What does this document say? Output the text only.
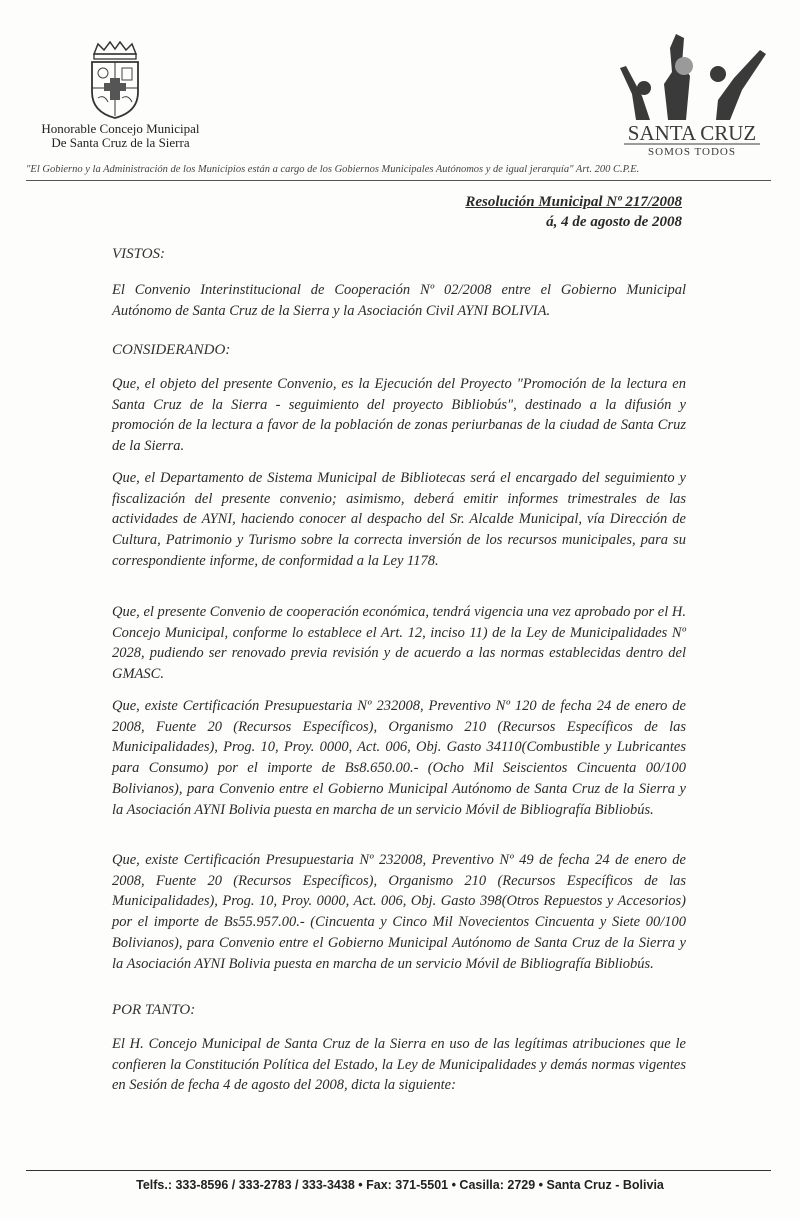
Honorable Concejo Municipal
De Santa Cruz de la Sierra	SANTA CRUZ
SOMOS TODOS
"El Gobierno y la Administración de los Municipios están a cargo de los Gobiernos Municipales Autónomos y de igual jerarquía" Art. 200 C.P.E.
Resolución Municipal Nº 217/2008
á, 4 de agosto de 2008
VISTOS:
El Convenio Interinstitucional de Cooperación Nº 02/2008 entre el Gobierno Municipal Autónomo de Santa Cruz de la Sierra y la Asociación Civil AYNI BOLIVIA.
CONSIDERANDO:
Que, el objeto del presente Convenio, es la Ejecución del Proyecto "Promoción de la lectura en Santa Cruz de la Sierra - seguimiento del proyecto Bibliobús", destinado a la difusión y promoción de la lectura a favor de la población de zonas periurbanas de la ciudad de Santa Cruz de la Sierra.
Que, el Departamento de Sistema Municipal de Bibliotecas será el encargado del seguimiento y fiscalización del presente convenio; asimismo, deberá emitir informes trimestrales de las actividades de AYNI, haciendo conocer al despacho del Sr. Alcalde Municipal, vía Dirección de Cultura, Patrimonio y Turismo sobre la correcta inversión de los recursos municipales, para su correspondiente informe, de conformidad a la Ley 1178.
Que, el presente Convenio de cooperación económica, tendrá vigencia una vez aprobado por el H. Concejo Municipal, conforme lo establece el Art. 12, inciso 11) de la Ley de Municipalidades Nº 2028, pudiendo ser renovado previa revisión y de acuerdo a las normas establecidas dentro del GMASC.
Que, existe Certificación Presupuestaria Nº 232008, Preventivo Nº 120 de fecha 24 de enero de 2008, Fuente 20 (Recursos Específicos), Organismo 210 (Recursos Específicos de las Municipalidades), Prog. 10, Proy. 0000, Act. 006, Obj. Gasto 34110(Combustible y Lubricantes para Consumo) por el importe de Bs8.650.00.- (Ocho Mil Seiscientos Cincuenta 00/100 Bolivianos), para Convenio entre el Gobierno Municipal Autónomo de Santa Cruz de la Sierra y la Asociación AYNI Bolivia puesta en marcha de un servicio Móvil de Bibliografía Bibliobús.
Que, existe Certificación Presupuestaria Nº 232008, Preventivo Nº 49 de fecha 24 de enero de 2008, Fuente 20 (Recursos Específicos), Organismo 210 (Recursos Específicos de las Municipalidades), Prog. 10, Proy. 0000, Act. 006, Obj. Gasto 398(Otros Repuestos y Accesorios) por el importe de Bs55.957.00.- (Cincuenta y Cinco Mil Novecientos Cincuenta y Siete 00/100 Bolivianos), para Convenio entre el Gobierno Municipal Autónomo de Santa Cruz de la Sierra y la Asociación AYNI Bolivia puesta en marcha de un servicio Móvil de Bibliografía Bibliobús.
POR TANTO:
El H. Concejo Municipal de Santa Cruz de la Sierra en uso de las legítimas atribuciones que le confieren la Constitución Política del Estado, la Ley de Municipalidades y demás normas vigentes en Sesión de fecha 4 de agosto del 2008, dicta la siguiente:
Telfs.: 333-8596 / 333-2783 / 333-3438 • Fax: 371-5501 • Casilla: 2729 • Santa Cruz - Bolivia
